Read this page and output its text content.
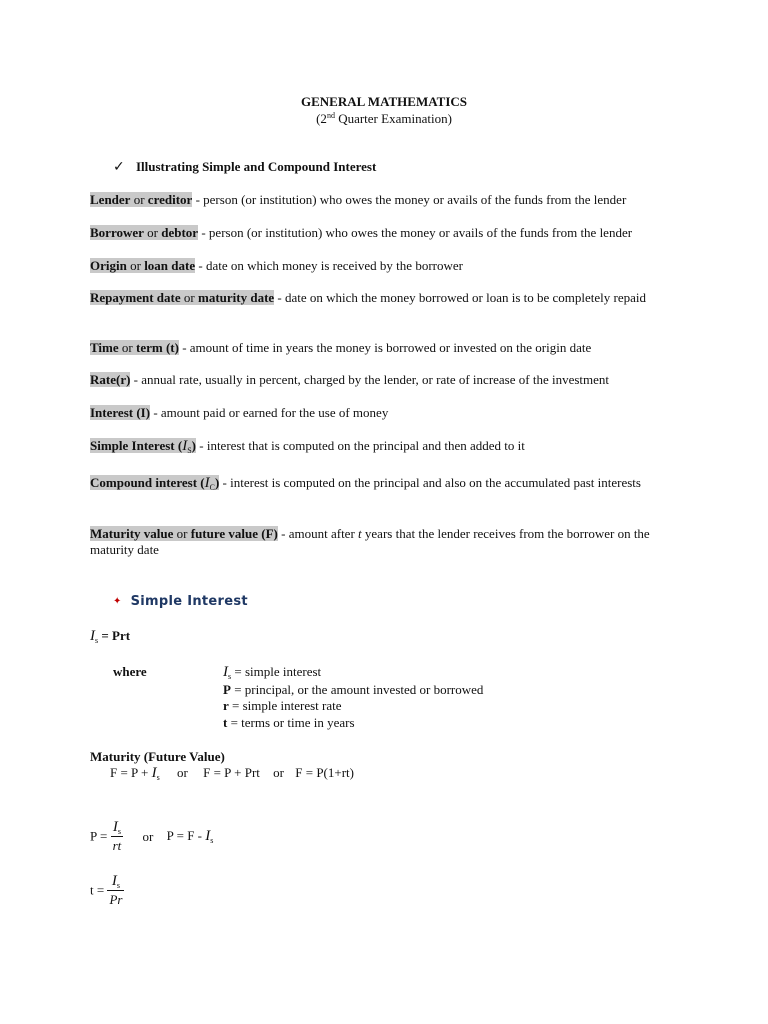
GENERAL MATHEMATICS
(2nd Quarter Examination)
✓ Illustrating Simple and Compound Interest
Lender or creditor - person (or institution) who owes the money or avails of the funds from the lender
Borrower or debtor - person (or institution) who owes the money or avails of the funds from the lender
Origin or loan date - date on which money is received by the borrower
Repayment date or maturity date - date on which the money borrowed or loan is to be completely repaid
Time or term (t) - amount of time in years the money is borrowed or invested on the origin date
Rate(r) - annual rate, usually in percent, charged by the lender, or rate of increase of the investment
Interest (I) - amount paid or earned for the use of money
Simple Interest $(I_S)$ - interest that is computed on the principal and then added to it
Compound interest $(I_C)$ - interest is computed on the principal and also on the accumulated past interests
Maturity value or future value (F) - amount after t years that the lender receives from the borrower on the maturity date
✦ Simple Interest
$I_s$ = Prt
where	$I_s$ = simple interest
P = principal, or the amount invested or borrowed
r = simple interest rate
t = terms or time in years
Maturity (Future Value)
$F = P + I_s$ or F = P + Prt or F = P(1+rt)
$P = \frac{I_s}{rt}$ or $P = F - I_s$
$t = \frac{I_s}{Pr}$
